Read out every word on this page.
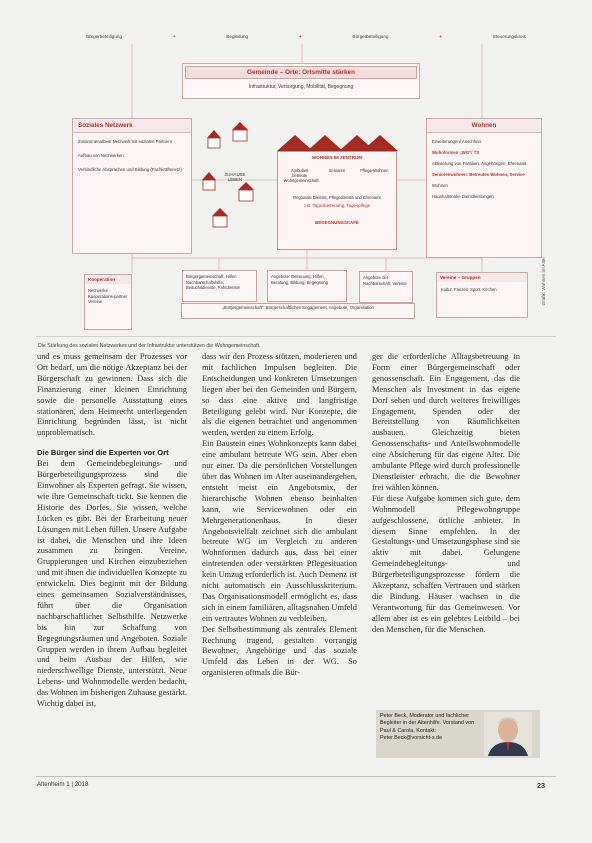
Bürgerbeteiligung	+	Begleitung	+	Bürgerbeteiligung	+	Steuerungskreis
Gemeinde – Orte: Ortsmitte stärken
Infrastruktur, Versorgung, Mobilität, Begegnung
Soziales Netzwerk

Zusammenarbeit/ Netzwerk mit sozialen Partnern

Aufbau von Netzwerken

Verbindliche Absprachen und Bildung (Fachkräftenetz)

ZUHAUSE LEBEN
WOHNEN IM ZENTRUM
Ambulant betreute Wohngemeinschaft
Senioren	Pflege-Wohnen
Regionale Dienste, Pflegedienste und Ehrenamt
z.B. Tagesbetreuung, Tagespflege
BEGEGNUNGSCAFÉ
Wohnen

Erweiterungen/ Anschluss

Wohnformen „WG“/ TS

Aktivierung von Familien, Angehörigen, Ehrenamt

Seniorenwohnen: Betreutes Wohnen, Service

Wohnen

Haushaltsnahe Dienstleistungen

Kooperation
Netzwerke Kooperations-partner Vereine
Bürgergemeinschaft, Hilfen Nachbarschaftshilfe, Besuchsdienste, Fahrdienste
Angebote: Betreuung, Hilfen, Beratung, Bildung, Begegnung
Angebote der Nachbarschaft, Vereine
Vereine – Gruppen
Kultur, Freizeit, Sport, Kirchen
„Bürgergemeinschaft“: Bürgerschaftliches Engagement, Angebote, Organisation
Grafik: Wohnen im Alter
Die Stärkung des sozialen Netzwerkes und der Infrastruktur unterstützen die Wohngemeinschaft.

und es muss gemeinsam der Prozesses vor Ort bedarf, um die nötige Akzeptanz bei der Bürgerschaft zu gewinnen. Dass sich die Finanzierung einer kleinen Einrichtung sowie die personelle Ausstattung eines stationären, dem Heimrecht unterliegenden Einrichtung begründen lässt, ist nicht unproblematisch.

Die Bürger sind die Experten vor Ort

Bei dem Gemeindebegleitungs- und Bürgerbeteiligungsprozess sind die Einwohner als Experten gefragt. Sie wissen, wie ihre Gemeinschaft tickt. Sie kennen die Historie des Dorfes. Sie wissen, welche Lücken es gibt. Bei der Erarbeitung neuer Lösungen mit Leben füllen. Unsere Aufgabe ist dabei, die Menschen und ihre Ideen zusammen zu bringen. Vereine, Gruppierungen und Kirchen einzubeziehen und mit ihnen die individuellen Konzepte zu entwickeln. Dies beginnt mit der Bildung eines gemeinsamen Sozialverständnisses, führt über die Organisation nachbarschaftlicher Selbsthilfe. Netzwerke bis hin zur Schaffung von Begegnungsräumen und Angeboten. Soziale Gruppen werden in ihrem Aufbau begleitet und beim Ausbau der Hilfen, wie niederschwellige Dienste, unterstützt. Neue Lebens- und Wohnmodelle werden bedacht, das Wohnen im bisherigen Zuhause gestärkt. Wichtig dabei ist,

dass wir den Prozess stützen, moderieren und mit fachlichen Impulsen begleiten. Die Entscheidungen und konkreten Umsetzungen liegen aber bei den Gemeinden und Bürgern, so dass eine aktive und langfristige Beteiligung gelebt wird. Nur Konzepte, die als die eigenen betrachtet und angenommen werden, werden zu einem Erfolg.

Ein Baustein eines Wohnkonzepts kann dabei eine ambulant betreute WG sein. Aber eben nur einer. Da die persönlichen Vorstellungen über das Wohnen im Alter auseinandergehen, entsteht meist ein Angebotsmix, der hierarchische Wohnen ebenso beinhalten kann, wie Servicewohnen oder ein Mehrgenerationenhaus. In dieser Angebotsvielfalt zeichnet sich die ambulant betreute WG im Vergleich zu anderen Wohnformen dadurch aus, dass bei einer eintretenden oder verstärkten Pflegesituation kein Umzug erforderlich ist. Auch Demenz ist nicht automatisch ein Ausschlusskriterium. Das Organisationsmodell ermöglicht es, dass sich in einem familiären, alltagsnahen Umfeld ein vertrautes Wohnen zu verbleiben.

Der Selbstbestimmung als zentrales Element Rechnung tragend, gestalten vorrangig Bewohner, Angehörige und das soziale Umfeld das Leben in der WG. So organisieren oftmals die Bür-

ger die erforderliche Alltagsbetreuung in Form einer Bürgergemeinschaft oder genossenschaft. Ein Engagement, das die Menschen als Investment in das eigene Dorf sehen und durch weiteres freiwilliges Engagement, Spenden oder der Bereitstellung von Räumlichkeiten ausbauen. Gleichzeitig bieten Genossenschafts- und Anteilswohnmodelle eine Absicherung für das eigene Alter. Die ambulante Pflege wird durch professionelle Dienstleister erbracht, die die Bewohner frei wählen können.

Für diese Aufgabe kommen sich gute, dem Wohnmodell Pflegewohngruppe aufgeschlossene, örtliche anbieter. In diesem Sinne empfehlen. In der Gestaltungs- und Umsetzungsphase sind sie aktiv mit dabei. Gelungene Gemeindebegleitungs- und Bürgerbeteiligungsprozesse fördern die Akzeptanz, schaffen Vertrauen und stärken die Bindung. Häuser wachsen in die Verantwortung für das Gemeinwesen. Vor allem aber ist es ein gelebtes Leitbild – bei den Menschen, für die Menschen.

Peter Beck, Moderator und fachlicher Begleiter in der Altenhilfe. Vorstand von Paul & Carola, Kontakt: Peter.Beck@vorsicht-s.de
Altenheim 1 | 2018	23
